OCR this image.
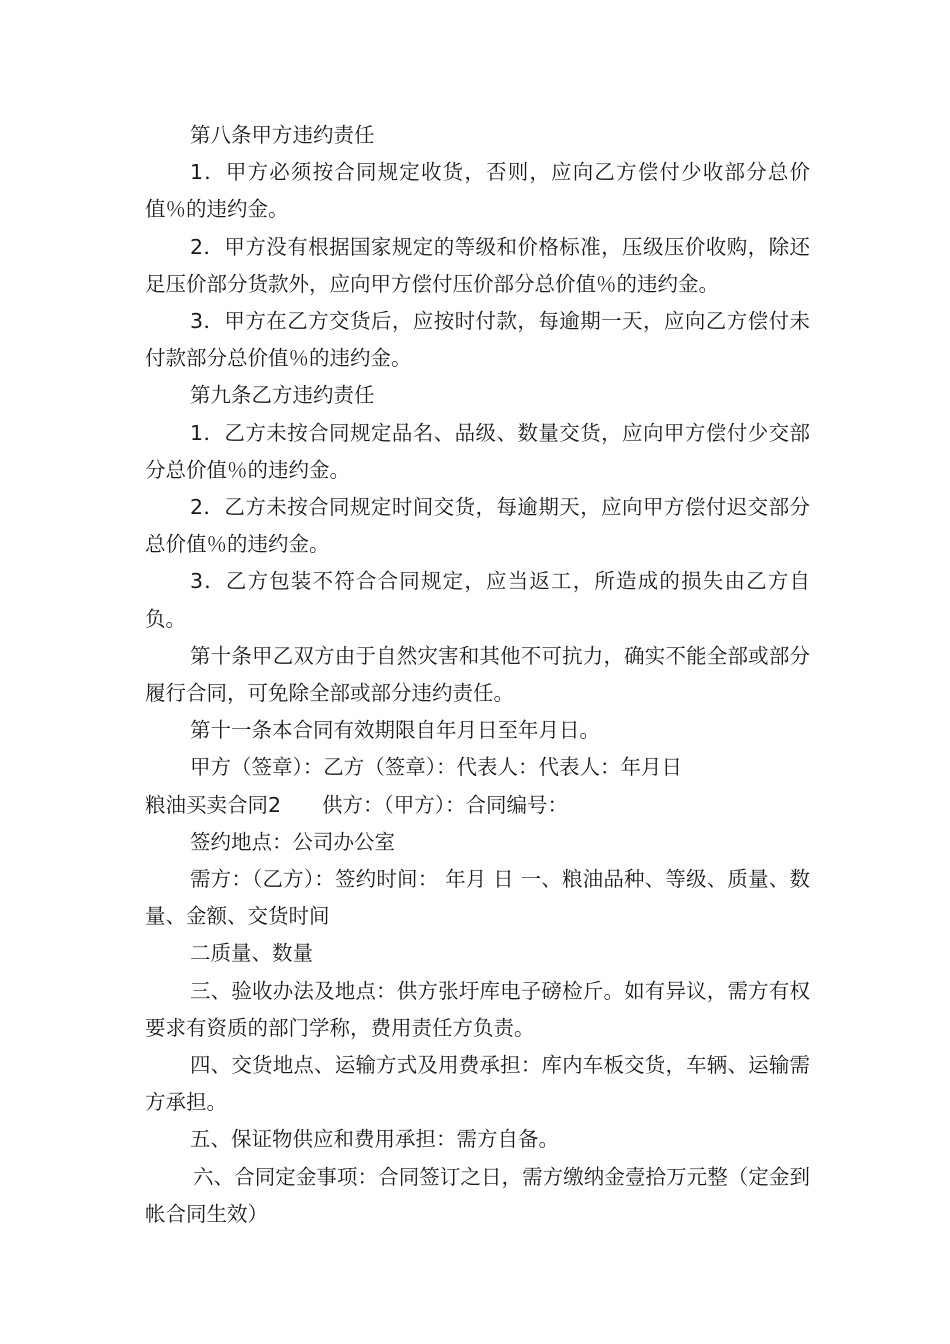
第八条甲方违约责任

1．甲方必须按合同规定收货，否则，应向乙方偿付少收部分总价值％的违约金。

2．甲方没有根据国家规定的等级和价格标准，压级压价收购，除还足压价部分货款外，应向甲方偿付压价部分总价值％的违约金。

3．甲方在乙方交货后，应按时付款，每逾期一天，应向乙方偿付未付款部分总价值％的违约金。

第九条乙方违约责任

1．乙方未按合同规定品名、品级、数量交货，应向甲方偿付少交部分总价值％的违约金。

2．乙方未按合同规定时间交货，每逾期天，应向甲方偿付迟交部分总价值％的违约金。

3．乙方包装不符合合同规定，应当返工，所造成的损失由乙方自负。

第十条甲乙双方由于自然灾害和其他不可抗力，确实不能全部或部分履行合同，可免除全部或部分违约责任。

第十一条本合同有效期限自年月日至年月日。

甲方（签章）：乙方（签章）：代表人：代表人：年月日

粮油买卖合同2　　供方：（甲方）：合同编号：

签约地点：公司办公室

需方：（乙方）：签约时间： 年月 日 一、粮油品种、等级、质量、数量、金额、交货时间

二质量、数量

三、验收办法及地点：供方张圩库电子磅检斤。如有异议，需方有权要求有资质的部门学称，费用责任方负责。

四、交货地点、运输方式及用费承担：库内车板交货，车辆、运输需方承担。

五、保证物供应和费用承担：需方自备。

六、合同定金事项：合同签订之日，需方缴纳金壹拾万元整（定金到帐合同生效）
